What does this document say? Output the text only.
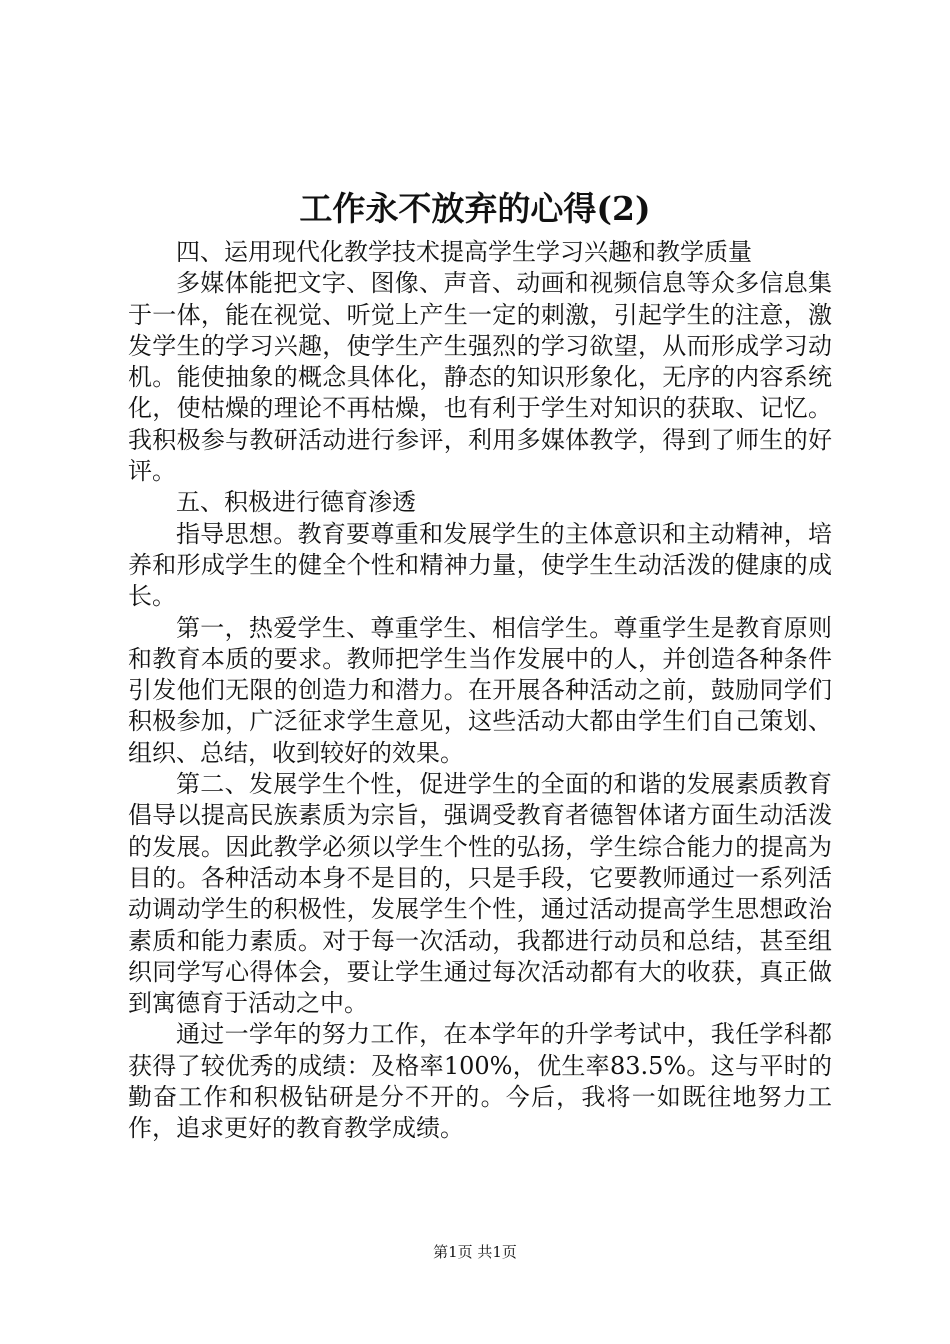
工作永不放弃的心得(2)

四、运用现代化教学技术提高学生学习兴趣和教学质量

多媒体能把文字、图像、声音、动画和视频信息等众多信息集于一体，能在视觉、听觉上产生一定的刺激，引起学生的注意，激发学生的学习兴趣，使学生产生强烈的学习欲望，从而形成学习动机。能使抽象的概念具体化，静态的知识形象化，无序的内容系统化，使枯燥的理论不再枯燥，也有利于学生对知识的获取、记忆。我积极参与教研活动进行参评，利用多媒体教学，得到了师生的好评。

五、积极进行德育渗透

指导思想。教育要尊重和发展学生的主体意识和主动精神，培养和形成学生的健全个性和精神力量，使学生生动活泼的健康的成长。

第一，热爱学生、尊重学生、相信学生。尊重学生是教育原则和教育本质的要求。教师把学生当作发展中的人，并创造各种条件引发他们无限的创造力和潜力。在开展各种活动之前，鼓励同学们积极参加，广泛征求学生意见，这些活动大都由学生们自己策划、组织、总结，收到较好的效果。

第二、发展学生个性，促进学生的全面的和谐的发展素质教育倡导以提高民族素质为宗旨，强调受教育者德智体诸方面生动活泼的发展。因此教学必须以学生个性的弘扬，学生综合能力的提高为目的。各种活动本身不是目的，只是手段，它要教师通过一系列活动调动学生的积极性，发展学生个性，通过活动提高学生思想政治素质和能力素质。对于每一次活动，我都进行动员和总结，甚至组织同学写心得体会，要让学生通过每次活动都有大的收获，真正做到寓德育于活动之中。

通过一学年的努力工作，在本学年的升学考试中，我任学科都获得了较优秀的成绩：及格率100%，优生率83.5%。这与平时的勤奋工作和积极钻研是分不开的。今后，我将一如既往地努力工作，追求更好的教育教学成绩。

第1页 共1页
